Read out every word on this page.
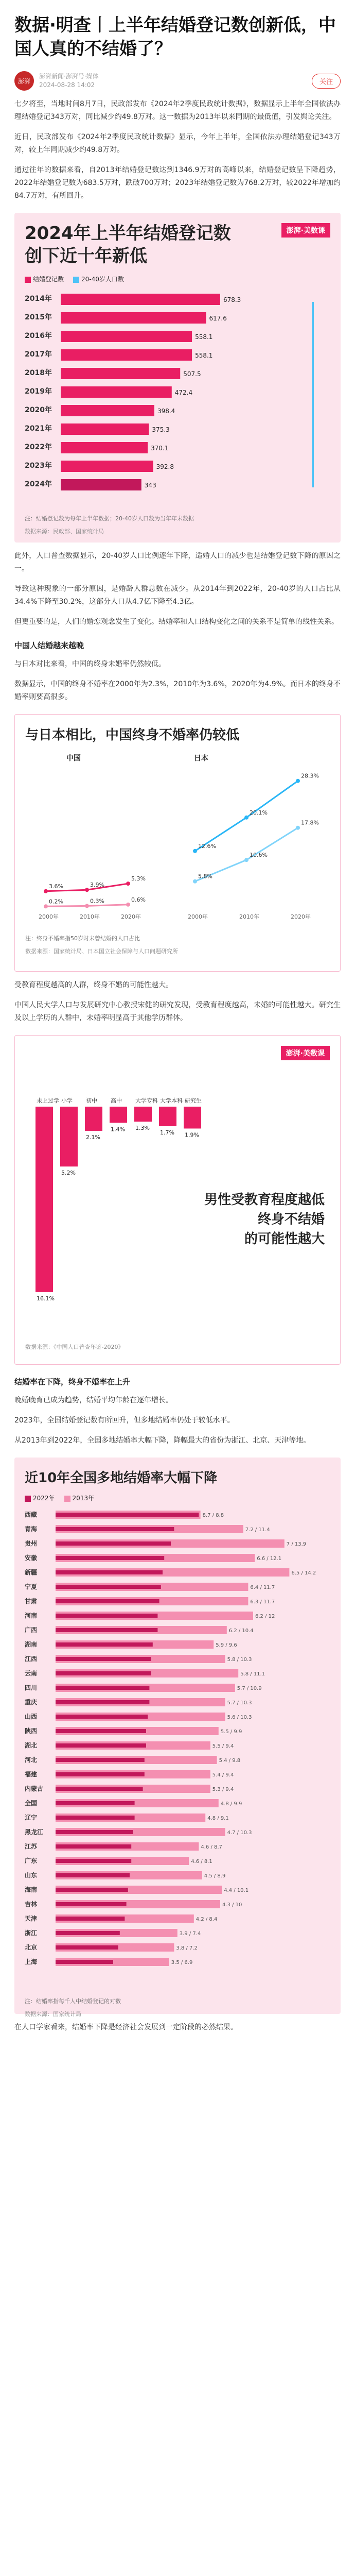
数据·明查丨上半年结婚登记数创新低，中国人真的不结婚了？
澎湃
澎湃新闻·澎湃号·媒体
2024-08-28 14:02	关注

七夕将至，当地时间8月7日，民政部发布《2024年2季度民政统计数据》，数据显示上半年全国依法办理结婚登记343万对，同比减少约49.8万对。这一数据为2013年以来同期的最低值，引发舆论关注。

近日，民政部发布《2024年2季度民政统计数据》显示，今年上半年，全国依法办理结婚登记343万对，较上年同期减少约49.8万对。

通过往年的数据来看，自2013年结婚登记数达到1346.9万对的高峰以来，结婚登记数呈下降趋势，2022年结婚登记数为683.5万对，跌破700万对；2023年结婚登记数为768.2万对，较2022年增加约84.7万对，有所回升。

2024年上半年结婚登记数
创下近十年新低
澎湃·美数课
结婚登记数	20-40岁人口数
2014年	678.3
2015年	617.6
2016年	558.1
2017年	558.1
2018年	507.5
2019年	472.4
2020年	398.4
2021年	375.3
2022年	370.1
2023年	392.8
2024年	343
注：结婚登记数为每年上半年数据；20-40岁人口数为当年年末数据
数据来源：民政部、国家统计局

此外，人口普查数据显示，20-40岁人口比例逐年下降，适婚人口的减少也是结婚登记数下降的原因之一。

导致这种现象的一部分原因，是婚龄人群总数在减少。从2014年到2022年，20-40岁的人口占比从34.4%下降至30.2%，这部分人口从4.7亿下降至4.3亿。

但更重要的是，人们的婚恋观念发生了变化。结婚率和人口结构变化之间的关系不是简单的线性关系。

中国人结婚越来越晚

与日本对比来看，中国的终身未婚率仍然较低。

数据显示，中国的终身不婚率在2000年为2.3%，2010年为3.6%，2020年为4.9%。而日本的终身不婚率则要高很多。

与日本相比，中国终身不婚率仍较低
中国	日本
3.6%	3.9%
5.3%
0.2%	0.3%	0.6%
12.6%
20.1%
28.3%
5.8%
10.6%
17.8%
2000年	2000年
2010年	2010年
2020年	2020年
注：终身不婚率指50岁时未曾结婚的人口占比
数据来源：国家统计局、日本国立社会保障与人口问题研究所

受教育程度越高的人群，终身不婚的可能性越大。

中国人民大学人口与发展研究中心教授宋健的研究发现，受教育程度越高，未婚的可能性越大。研究生及以上学历的人群中，未婚率明显高于其他学历群体。

澎湃·美数课
16.1%
未上过学
5.2%
小学
2.1%
初中
1.4%
高中
1.3%
大学专科
1.7%
大学本科
1.9%
研究生
数据来源：《中国人口普查年鉴-2020》
男性受教育程度越低
终身不结婚
的可能性越大
结婚率在下降，终身不婚率在上升

晚婚晚育已成为趋势，结婚平均年龄在逐年增长。

2023年，全国结婚登记数有所回升，但多地结婚率仍处于较低水平。

从2013年到2022年，全国多地结婚率大幅下降，降幅最大的省份为浙江、北京、天津等地。

近10年全国多地结婚率大幅下降
2022年	2013年
西藏	8.7 / 8.8
青海	7.2 / 11.4
贵州	7 / 13.9
安徽	6.6 / 12.1
新疆	6.5 / 14.2
宁夏	6.4 / 11.7
甘肃	6.3 / 11.7
河南	6.2 / 12
广西	6.2 / 10.4
湖南	5.9 / 9.6
江西	5.8 / 10.3
云南	5.8 / 11.1
四川	5.7 / 10.9
重庆	5.7 / 10.3
山西	5.6 / 10.3
陕西	5.5 / 9.9
湖北	5.5 / 9.4
河北	5.4 / 9.8
福建	5.4 / 9.4
内蒙古	5.3 / 9.4
全国	4.8 / 9.9
辽宁	4.8 / 9.1
黑龙江	4.7 / 10.3
江苏	4.6 / 8.7
广东	4.6 / 8.1
山东	4.5 / 8.9
海南	4.4 / 10.1
吉林	4.3 / 10
天津	4.2 / 8.4
浙江	3.9 / 7.4
北京	3.8 / 7.2
上海	3.5 / 6.9
注：结婚率指每千人中结婚登记的对数
数据来源：国家统计局

在人口学家看来，结婚率下降是经济社会发展到一定阶段的必然结果。
